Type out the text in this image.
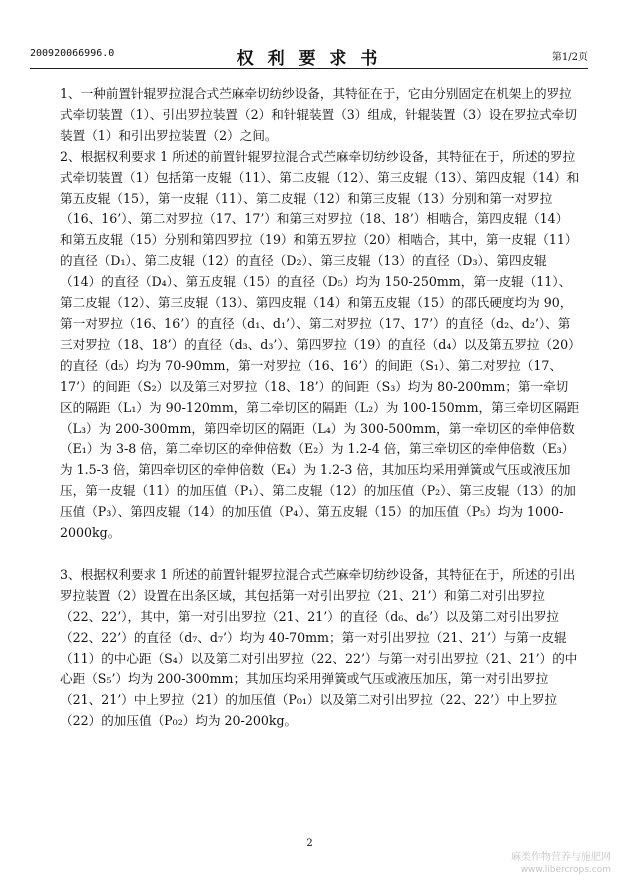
200920066996.0	权 利 要 求 书	第1/2页

1、一种前置针辊罗拉混合式苎麻牵切纺纱设备，其特征在于，它由分别固定在机架上的罗拉式牵切装置（1）、引出罗拉装置（2）和针辊装置（3）组成，针辊装置（3）设在罗拉式牵切装置（1）和引出罗拉装置（2）之间。

2、根据权利要求 1 所述的前置针辊罗拉混合式苎麻牵切纺纱设备，其特征在于，所述的罗拉式牵切装置（1）包括第一皮辊（11）、第二皮辊（12）、第三皮辊（13）、第四皮辊（14）和第五皮辊（15），第一皮辊（11）、第二皮辊（12）和第三皮辊（13）分别和第一对罗拉（16、16’）、第二对罗拉（17、17’）和第三对罗拉（18、18’）相啮合，第四皮辊（14）和第五皮辊（15）分别和第四罗拉（19）和第五罗拉（20）相啮合，其中，第一皮辊（11）的直径（D₁）、第二皮辊（12）的直径（D₂）、第三皮辊（13）的直径（D₃）、第四皮辊（14）的直径（D₄）、第五皮辊（15）的直径（D₅）均为 150-250mm，第一皮辊（11）、第二皮辊（12）、第三皮辊（13）、第四皮辊（14）和第五皮辊（15）的邵氏硬度均为 90，第一对罗拉（16、16’）的直径（d₁、d₁’）、第二对罗拉（17、17’）的直径（d₂、d₂’）、第三对罗拉（18、18’）的直径（d₃、d₃’）、第四罗拉（19）的直径（d₄）以及第五罗拉（20）的直径（d₅）均为 70-90mm，第一对罗拉（16、16’）的间距（S₁）、第二对罗拉（17、17’）的间距（S₂）以及第三对罗拉（18、18’）的间距（S₃）均为 80-200mm；第一牵切区的隔距（L₁）为 90-120mm，第二牵切区的隔距（L₂）为 100-150mm，第三牵切区隔距（L₃）为 200-300mm，第四牵切区的隔距（L₄）为 300-500mm，第一牵切区的牵伸倍数（E₁）为 3-8 倍，第二牵切区的牵伸倍数（E₂）为 1.2-4 倍，第三牵切区的牵伸倍数（E₃）为 1.5-3 倍，第四牵切区的牵伸倍数（E₄）为 1.2-3 倍，其加压均采用弹簧或气压或液压加压，第一皮辊（11）的加压值（P₁）、第二皮辊（12）的加压值（P₂）、第三皮辊（13）的加压值（P₃）、第四皮辊（14）的加压值（P₄）、第五皮辊（15）的加压值（P₅）均为 1000-2000kg。

3、根据权利要求 1 所述的前置针辊罗拉混合式苎麻牵切纺纱设备，其特征在于，所述的引出罗拉装置（2）设置在出条区域，其包括第一对引出罗拉（21、21’）和第二对引出罗拉（22、22’），其中，第一对引出罗拉（21、21’）的直径（d₆、d₆’）以及第二对引出罗拉（22、22’）的直径（d₇、d₇’）均为 40-70mm；第一对引出罗拉（21、21’）与第一皮辊（11）的中心距（S₄）以及第二对引出罗拉（22、22’）与第一对引出罗拉（21、21’）的中心距（S₅’）均为 200-300mm；其加压均采用弹簧或气压或液压加压，第一对引出罗拉（21、21’）中上罗拉（21）的加压值（P₀₁）以及第二对引出罗拉（22、22’）中上罗拉（22）的加压值（P₀₂）均为 20-200kg。

2
麻类作物营养与施肥网
www.libercrops.com
